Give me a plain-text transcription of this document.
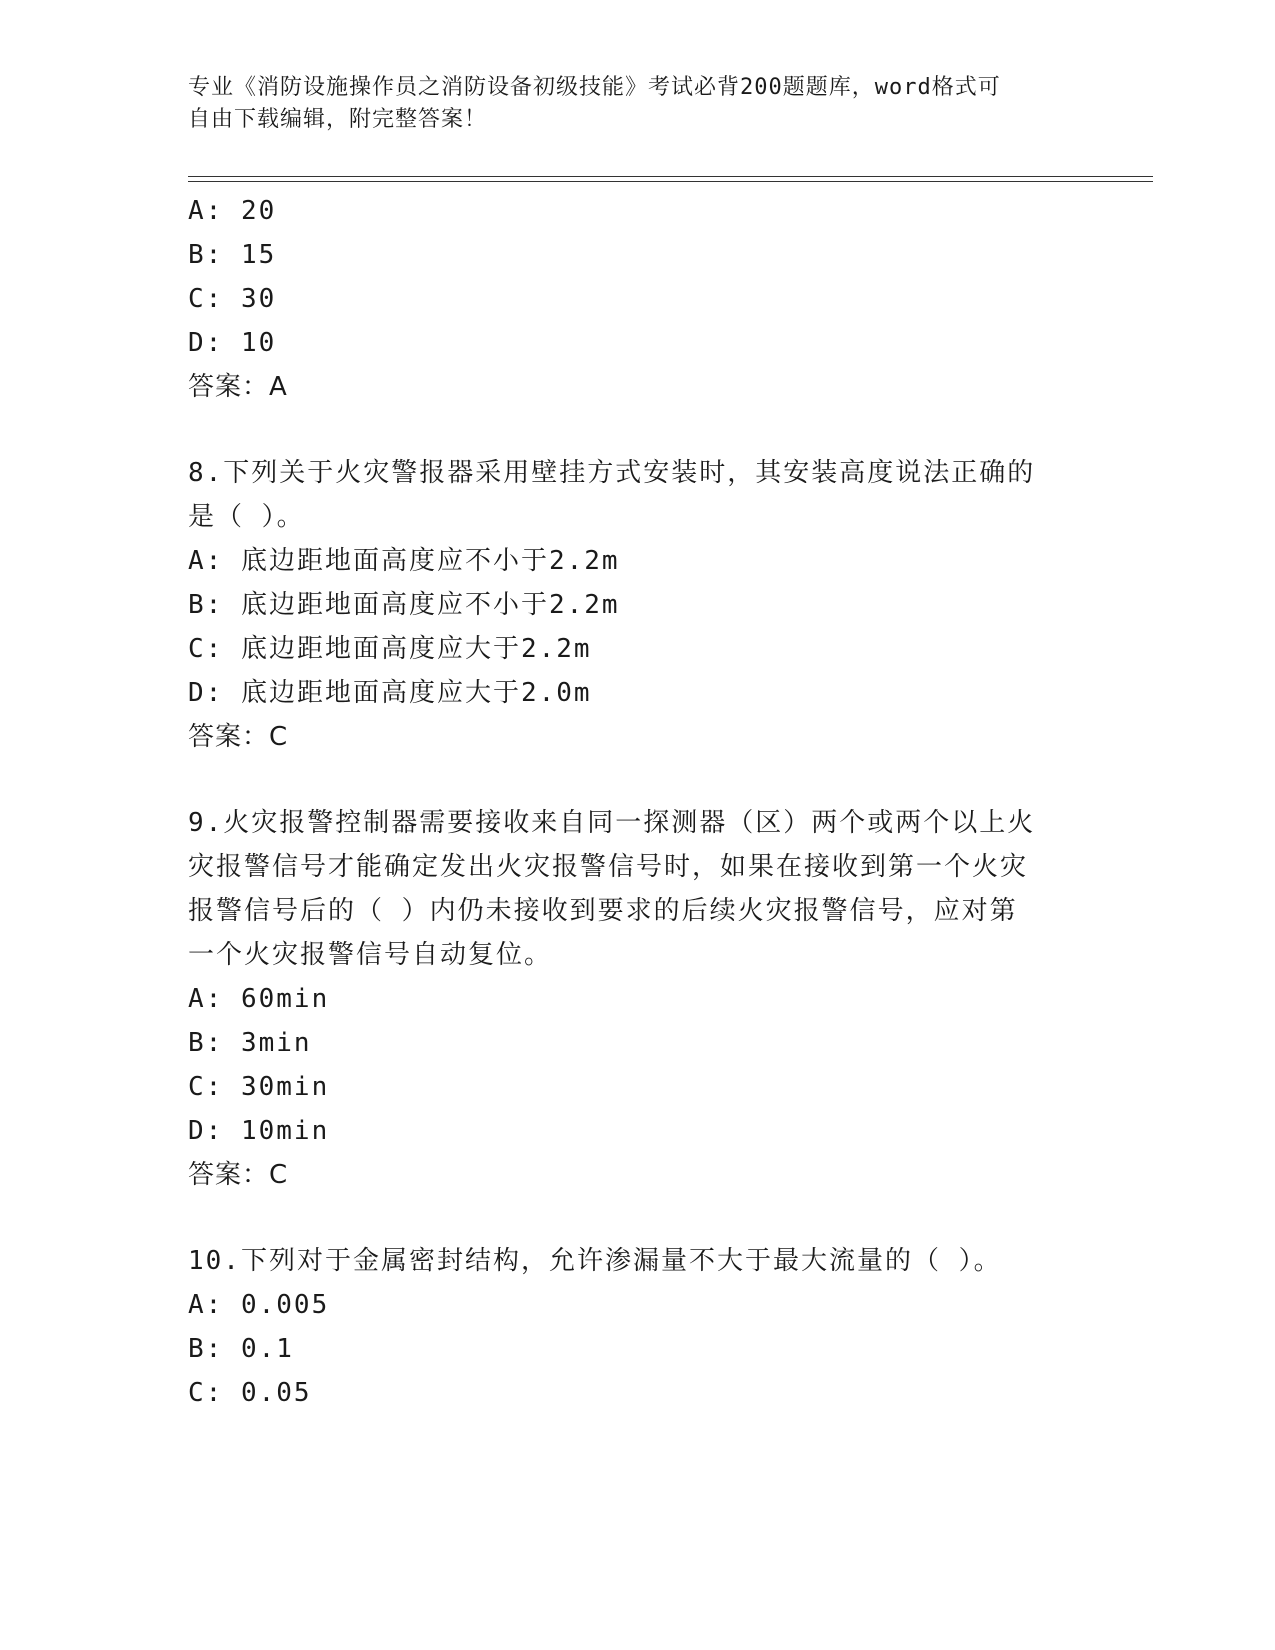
专业《消防设施操作员之消防设备初级技能》考试必背200题题库，word格式可
自由下载编辑，附完整答案！
A: 20
B: 15
C: 30
D: 10
答案：A
8.下列关于火灾警报器采用壁挂方式安装时，其安装高度说法正确的
是（ ）。
A: 底边距地面高度应不小于2.2m
B: 底边距地面高度应不小于2.2m
C: 底边距地面高度应大于2.2m
D: 底边距地面高度应大于2.0m
答案：C
9.火灾报警控制器需要接收来自同一探测器（区）两个或两个以上火
灾报警信号才能确定发出火灾报警信号时，如果在接收到第一个火灾
报警信号后的（ ）内仍未接收到要求的后续火灾报警信号，应对第
一个火灾报警信号自动复位。
A: 60min
B: 3min
C: 30min
D: 10min
答案：C
10.下列对于金属密封结构，允许渗漏量不大于最大流量的（ ）。
A: 0.005
B: 0.1
C: 0.05
